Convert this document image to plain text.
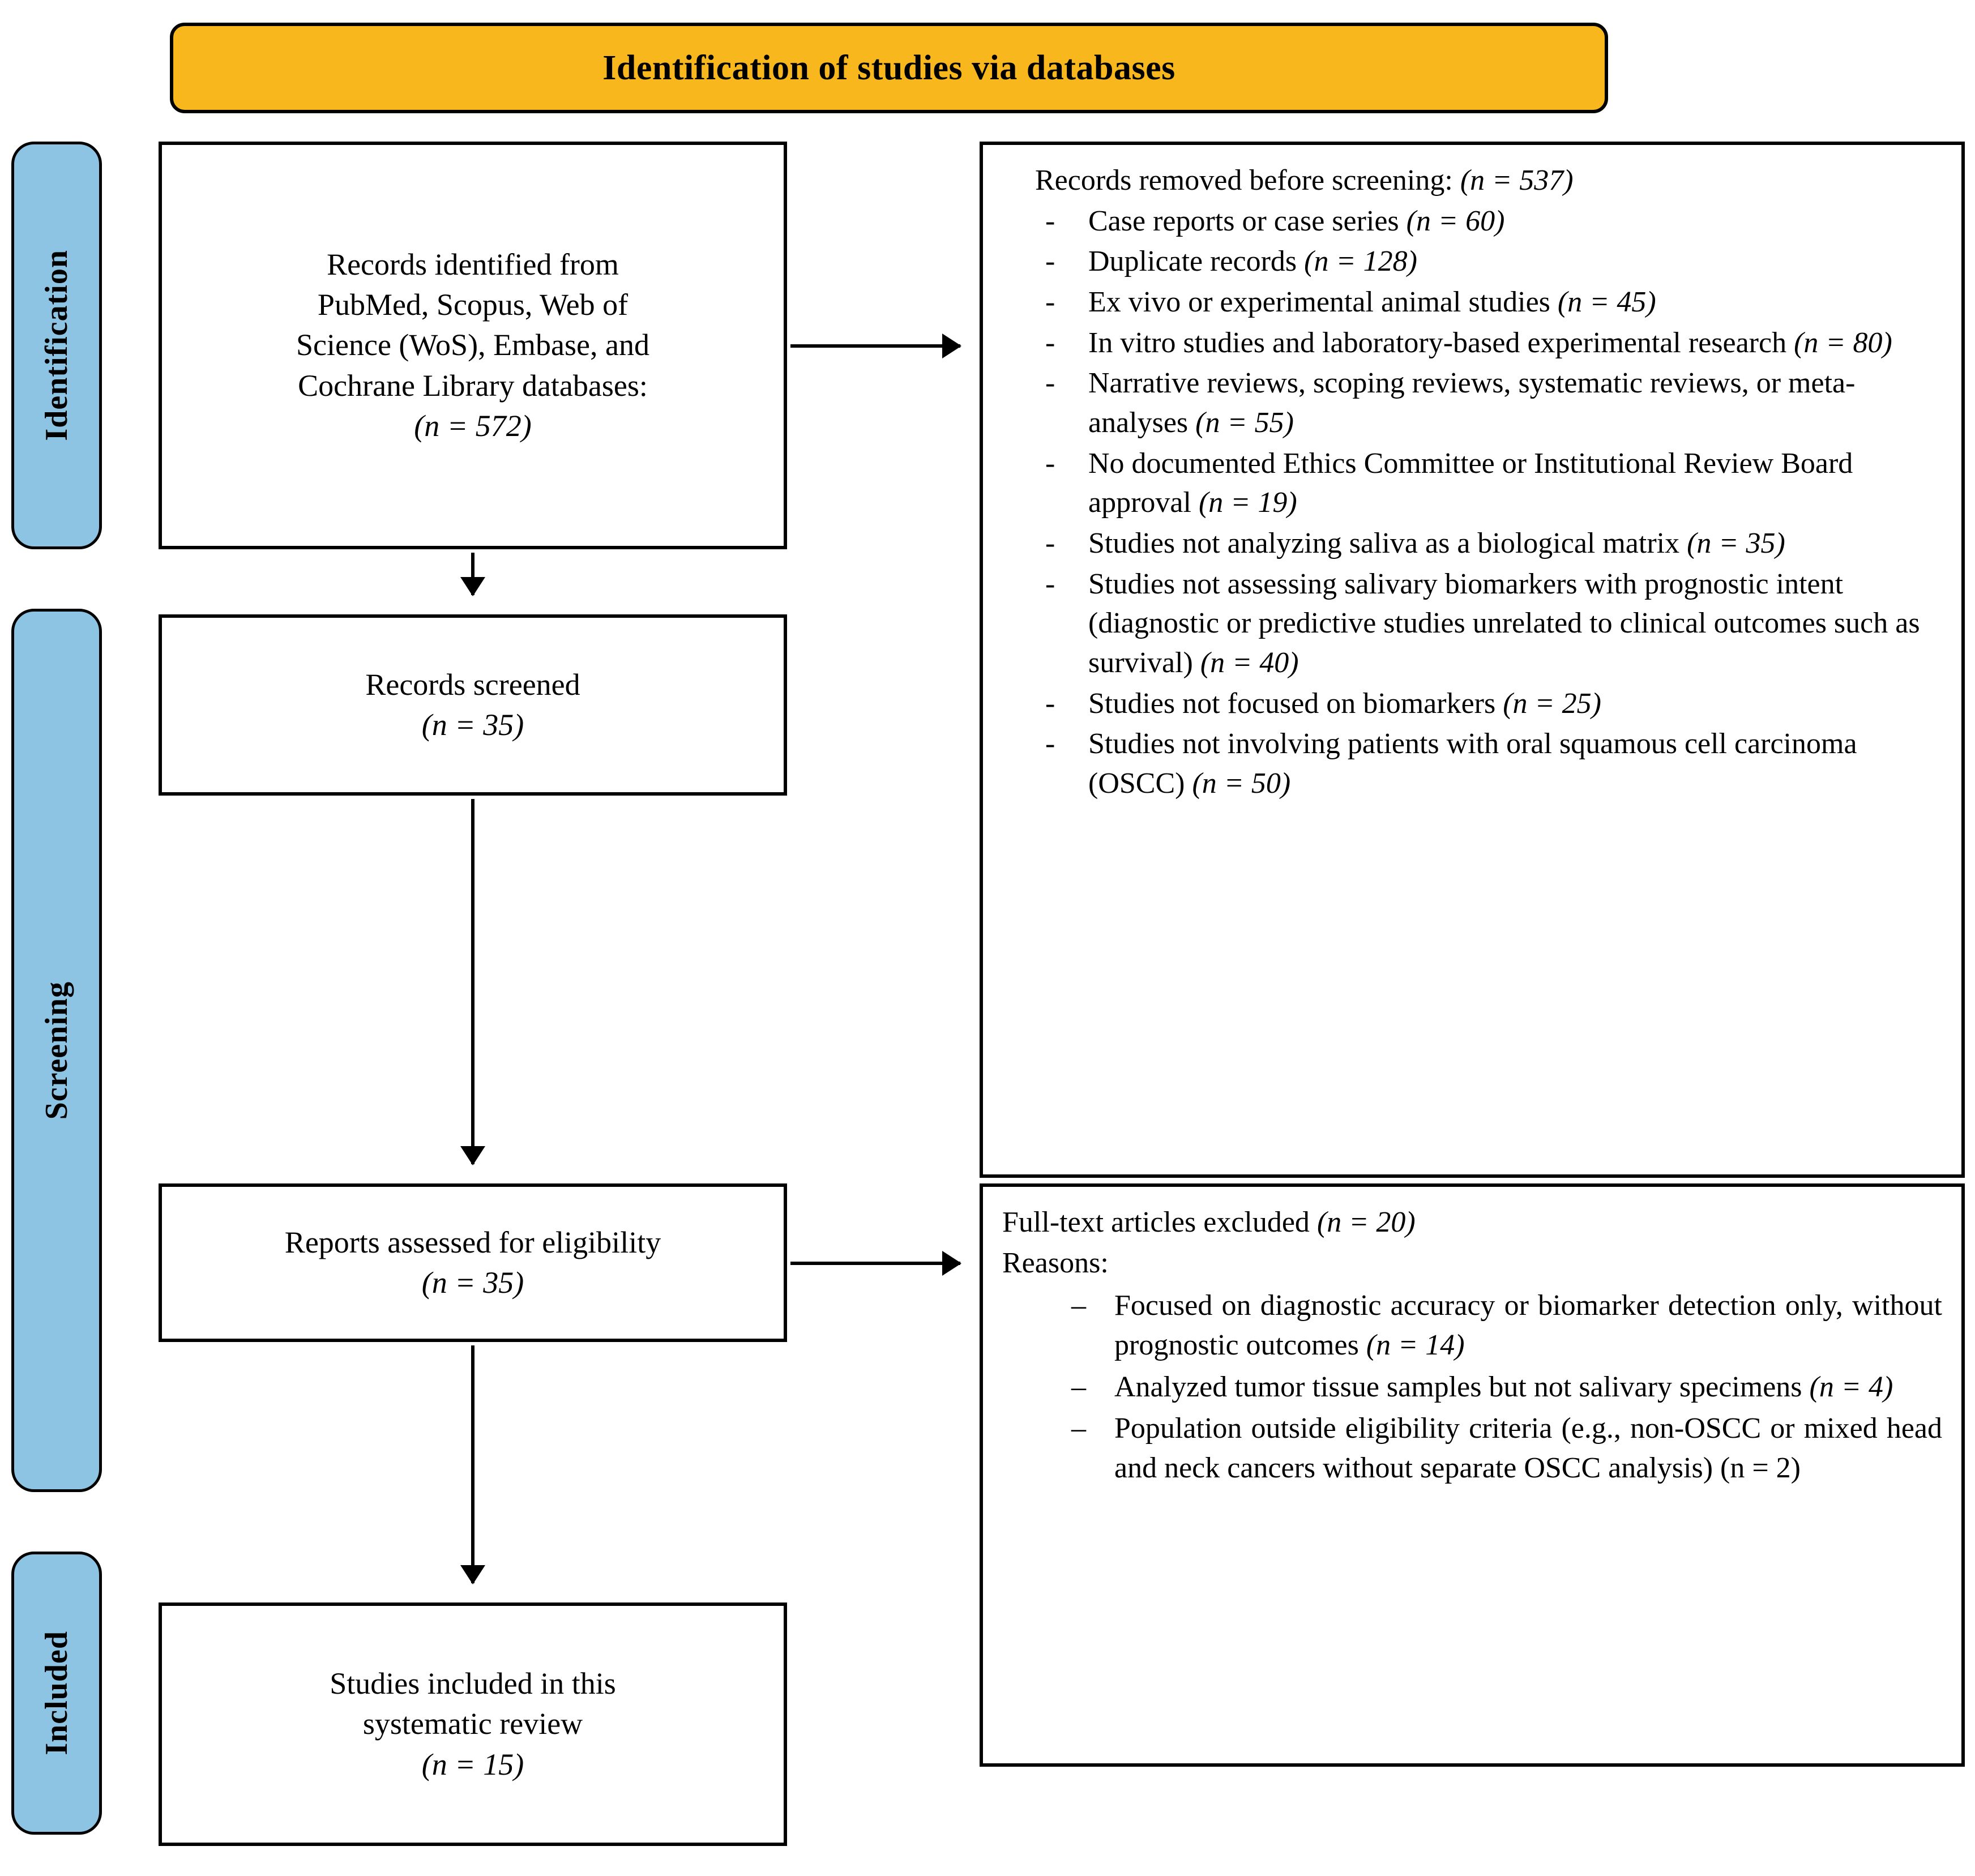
Identification of studies via databases
Identification
Screening
Included
Records identified from
PubMed, Scopus, Web of
Science (WoS), Embase, and
Cochrane Library databases:
(n = 572)
Records screened
(n = 35)
Reports assessed for eligibility
(n = 35)
Studies included in this
systematic review
(n = 15)
Records removed before screening: (n = 537)
- Case reports or case series (n = 60)
- Duplicate records (n = 128)
- Ex vivo or experimental animal studies (n = 45)
- In vitro studies and laboratory-based experimental research (n = 80)
- Narrative reviews, scoping reviews, systematic reviews, or meta-analyses (n = 55)
- No documented Ethics Committee or Institutional Review Board approval (n = 19)
- Studies not analyzing saliva as a biological matrix (n = 35)
- Studies not assessing salivary biomarkers with prognostic intent (diagnostic or predictive studies unrelated to clinical outcomes such as survival) (n = 40)
- Studies not focused on biomarkers (n = 25)
- Studies not involving patients with oral squamous cell carcinoma (OSCC) (n = 50)
Full-text articles excluded (n = 20)
Reasons:
– Focused on diagnostic accuracy or biomarker detection only, without prognostic outcomes (n = 14)
– Analyzed tumor tissue samples but not salivary specimens (n = 4)
– Population outside eligibility criteria (e.g., non-OSCC or mixed head and neck cancers without separate OSCC analysis) (n = 2)
